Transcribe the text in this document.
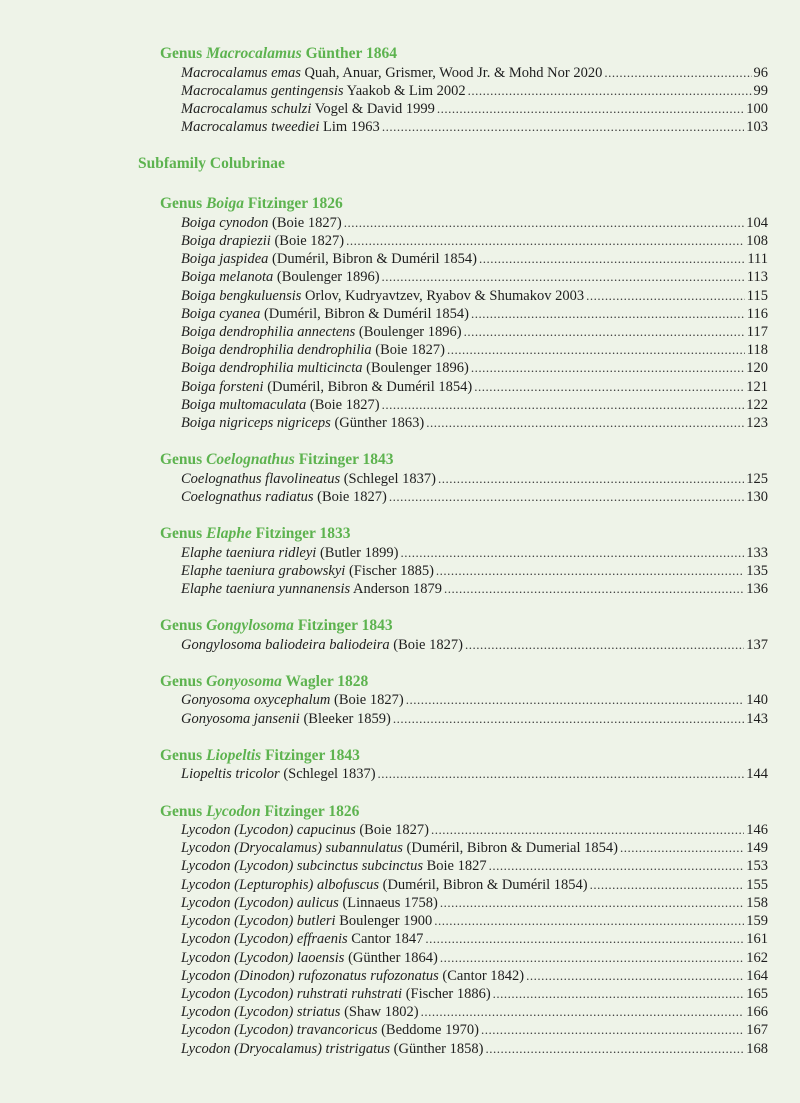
Genus Macrocalamus Günther 1864
Macrocalamus emas Quah, Anuar, Grismer, Wood Jr. & Mohd Nor 2020 .....	96
Macrocalamus gentingensis Yaakob & Lim 2002 .....	99
Macrocalamus schulzi Vogel & David 1999 .....	100
Macrocalamus tweediei Lim 1963 .....	103
Subfamily Colubrinae
Genus Boiga Fitzinger 1826
Boiga cynodon (Boie 1827) .....	104
Boiga drapiezii (Boie 1827) .....	108
Boiga jaspidea (Duméril, Bibron & Duméril 1854) .....	111
Boiga melanota (Boulenger 1896) .....	113
Boiga bengkuluensis Orlov, Kudryavtzev, Ryabov & Shumakov 2003 .....	115
Boiga cyanea (Duméril, Bibron & Duméril 1854) .....	116
Boiga dendrophilia annectens (Boulenger 1896) .....	117
Boiga dendrophilia dendrophilia (Boie 1827) .....	118
Boiga dendrophilia multicincta (Boulenger 1896) .....	120
Boiga forsteni (Duméril, Bibron & Duméril 1854) .....	121
Boiga multomaculata (Boie 1827) .....	122
Boiga nigriceps nigriceps (Günther 1863) .....	123
Genus Coelognathus Fitzinger 1843
Coelognathus flavolineatus (Schlegel 1837) .....	125
Coelognathus radiatus (Boie 1827) .....	130
Genus Elaphe Fitzinger 1833
Elaphe taeniura ridleyi (Butler 1899) .....	133
Elaphe taeniura grabowskyi (Fischer 1885) .....	135
Elaphe taeniura yunnanensis Anderson 1879 .....	136
Genus Gongylosoma Fitzinger 1843
Gongylosoma baliodeira baliodeira (Boie 1827) .....	137
Genus Gonyosoma Wagler 1828
Gonyosoma oxycephalum (Boie 1827) .....	140
Gonyosoma jansenii (Bleeker 1859) .....	143
Genus Liopeltis Fitzinger 1843
Liopeltis tricolor (Schlegel 1837) .....	144
Genus Lycodon Fitzinger 1826
Lycodon (Lycodon) capucinus (Boie 1827) .....	146
Lycodon (Dryocalamus) subannulatus (Duméril, Bibron & Dumerial 1854) .....	149
Lycodon (Lycodon) subcinctus subcinctus Boie 1827 .....	153
Lycodon (Lepturophis) albofuscus (Duméril, Bibron & Duméril 1854) .....	155
Lycodon (Lycodon) aulicus (Linnaeus 1758) .....	158
Lycodon (Lycodon) butleri Boulenger 1900 .....	159
Lycodon (Lycodon) effraenis Cantor 1847 .....	161
Lycodon (Lycodon) laoensis (Günther 1864) .....	162
Lycodon (Dinodon) rufozonatus rufozonatus (Cantor 1842) .....	164
Lycodon (Lycodon) ruhstrati ruhstrati (Fischer 1886) .....	165
Lycodon (Lycodon) striatus (Shaw 1802) .....	166
Lycodon (Lycodon) travancoricus (Beddome 1970) .....	167
Lycodon (Dryocalamus) tristrigatus (Günther 1858) .....	168
